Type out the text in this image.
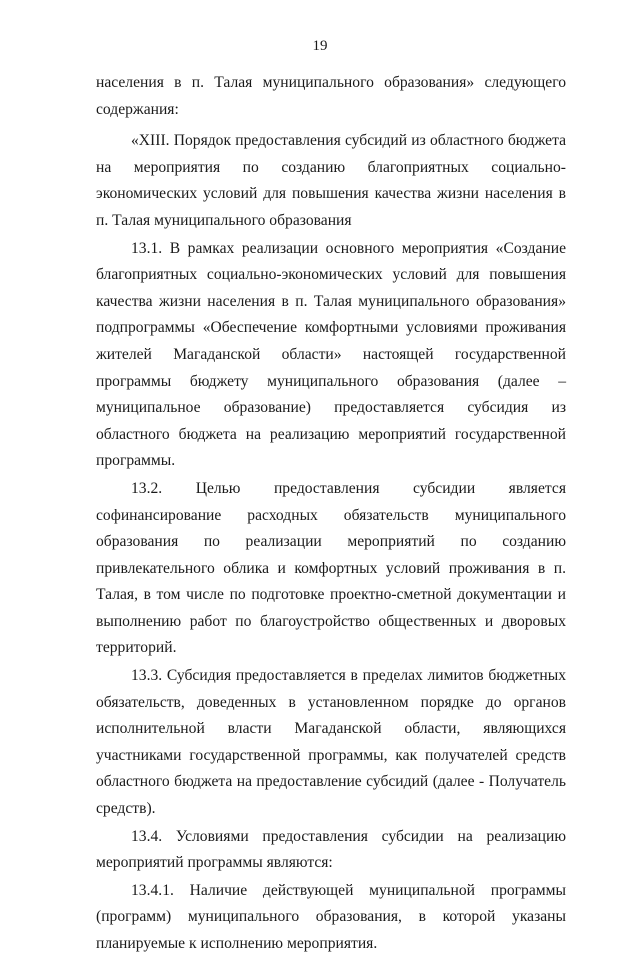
19

населения в п. Талая муниципального образования» следующего содержания:

«XIII. Порядок предоставления субсидий из областного бюджета на мероприятия по созданию благоприятных социально-экономических условий для повышения качества жизни населения в п. Талая муниципального образования

13.1. В рамках реализации основного мероприятия «Создание благоприятных социально-экономических условий для повышения качества жизни населения в п. Талая муниципального образования» подпрограммы «Обеспечение комфортными условиями проживания жителей Магаданской области» настоящей государственной программы бюджету муниципального образования (далее – муниципальное образование) предоставляется субсидия из областного бюджета на реализацию мероприятий государственной программы.

13.2. Целью предоставления субсидии является софинансирование расходных обязательств муниципального образования по реализации мероприятий по созданию привлекательного облика и комфортных условий проживания в п. Талая, в том числе по подготовке проектно-сметной документации и выполнению работ по благоустройство общественных и дворовых территорий.

13.3. Субсидия предоставляется в пределах лимитов бюджетных обязательств, доведенных в установленном порядке до органов исполнительной власти Магаданской области, являющихся участниками государственной программы, как получателей средств областного бюджета на предоставление субсидий (далее - Получатель средств).

13.4. Условиями предоставления субсидии на реализацию мероприятий программы являются:

13.4.1. Наличие действующей муниципальной программы (программ) муниципального образования, в которой указаны планируемые к исполнению мероприятия.
